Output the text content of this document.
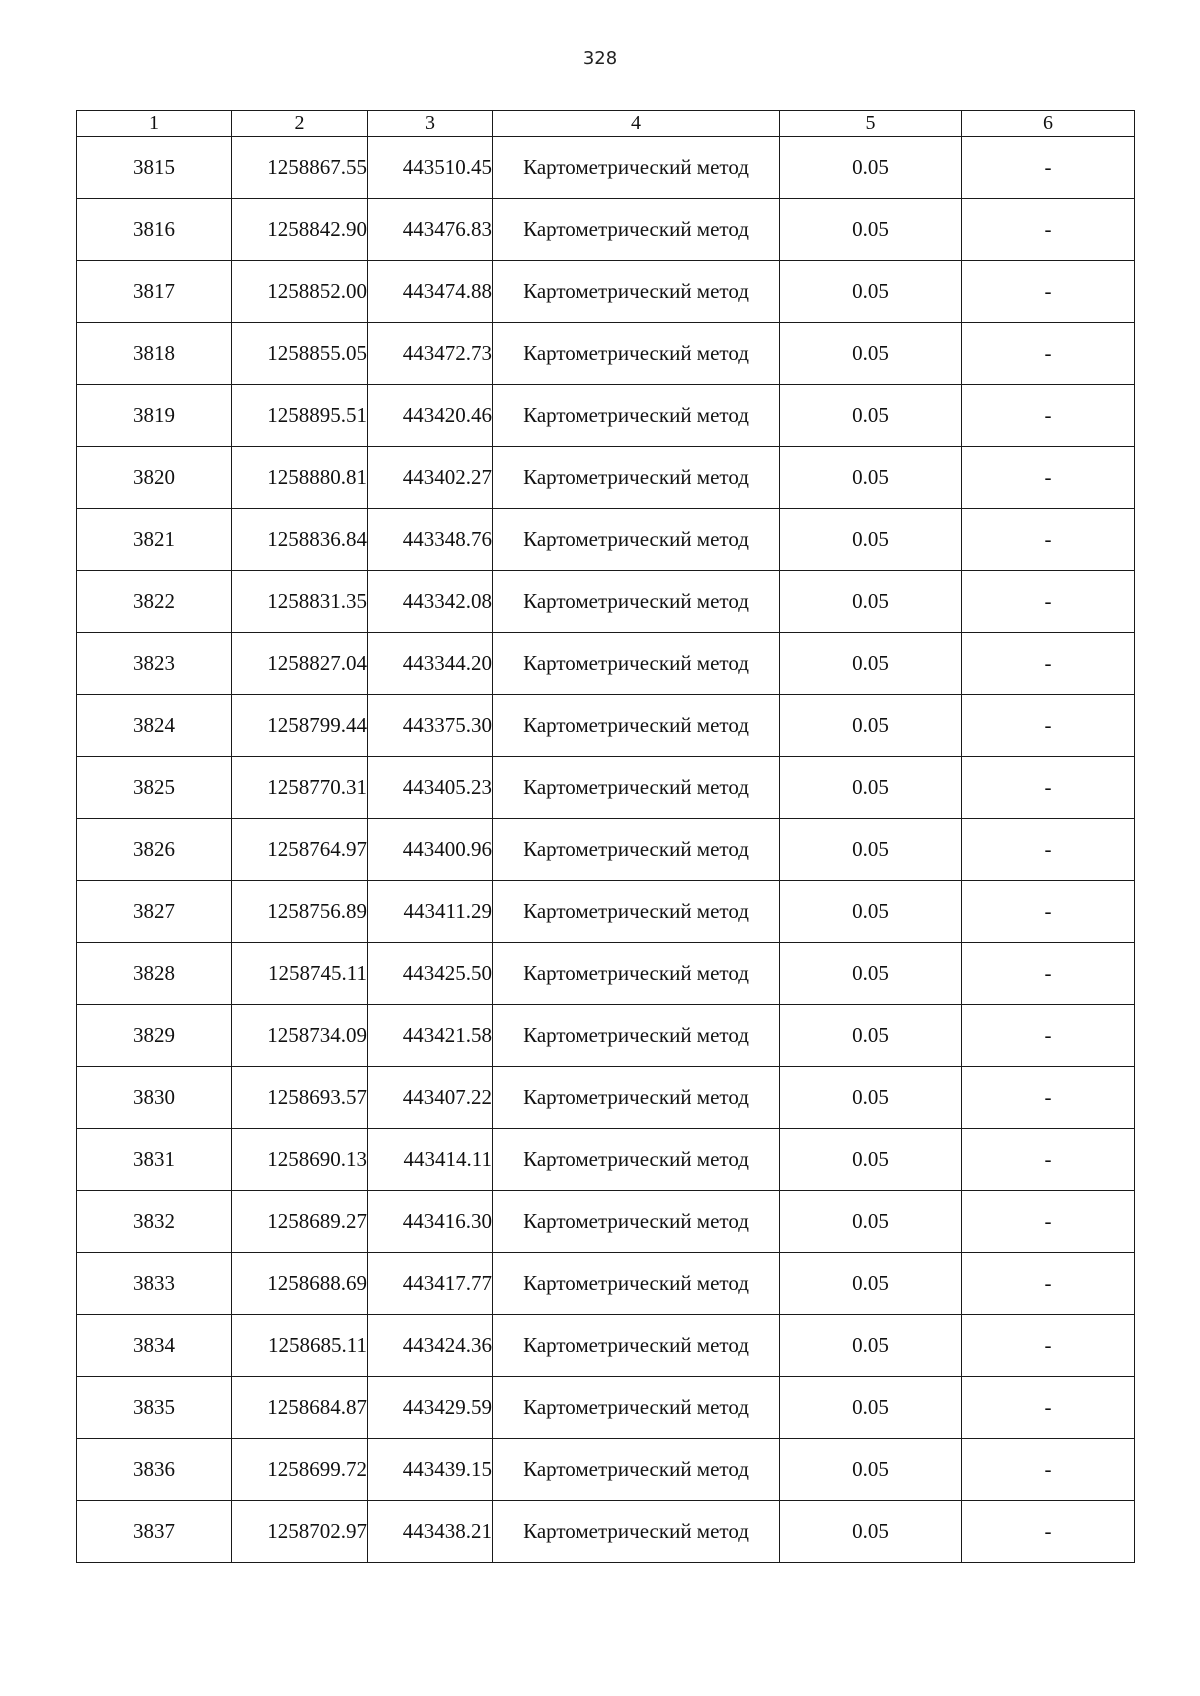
328
1	2	3	4	5	6
3815	1258867.55	443510.45	Картометрический метод	0.05	-
3816	1258842.90	443476.83	Картометрический метод	0.05	-
3817	1258852.00	443474.88	Картометрический метод	0.05	-
3818	1258855.05	443472.73	Картометрический метод	0.05	-
3819	1258895.51	443420.46	Картометрический метод	0.05	-
3820	1258880.81	443402.27	Картометрический метод	0.05	-
3821	1258836.84	443348.76	Картометрический метод	0.05	-
3822	1258831.35	443342.08	Картометрический метод	0.05	-
3823	1258827.04	443344.20	Картометрический метод	0.05	-
3824	1258799.44	443375.30	Картометрический метод	0.05	-
3825	1258770.31	443405.23	Картометрический метод	0.05	-
3826	1258764.97	443400.96	Картометрический метод	0.05	-
3827	1258756.89	443411.29	Картометрический метод	0.05	-
3828	1258745.11	443425.50	Картометрический метод	0.05	-
3829	1258734.09	443421.58	Картометрический метод	0.05	-
3830	1258693.57	443407.22	Картометрический метод	0.05	-
3831	1258690.13	443414.11	Картометрический метод	0.05	-
3832	1258689.27	443416.30	Картометрический метод	0.05	-
3833	1258688.69	443417.77	Картометрический метод	0.05	-
3834	1258685.11	443424.36	Картометрический метод	0.05	-
3835	1258684.87	443429.59	Картометрический метод	0.05	-
3836	1258699.72	443439.15	Картометрический метод	0.05	-
3837	1258702.97	443438.21	Картометрический метод	0.05	-
